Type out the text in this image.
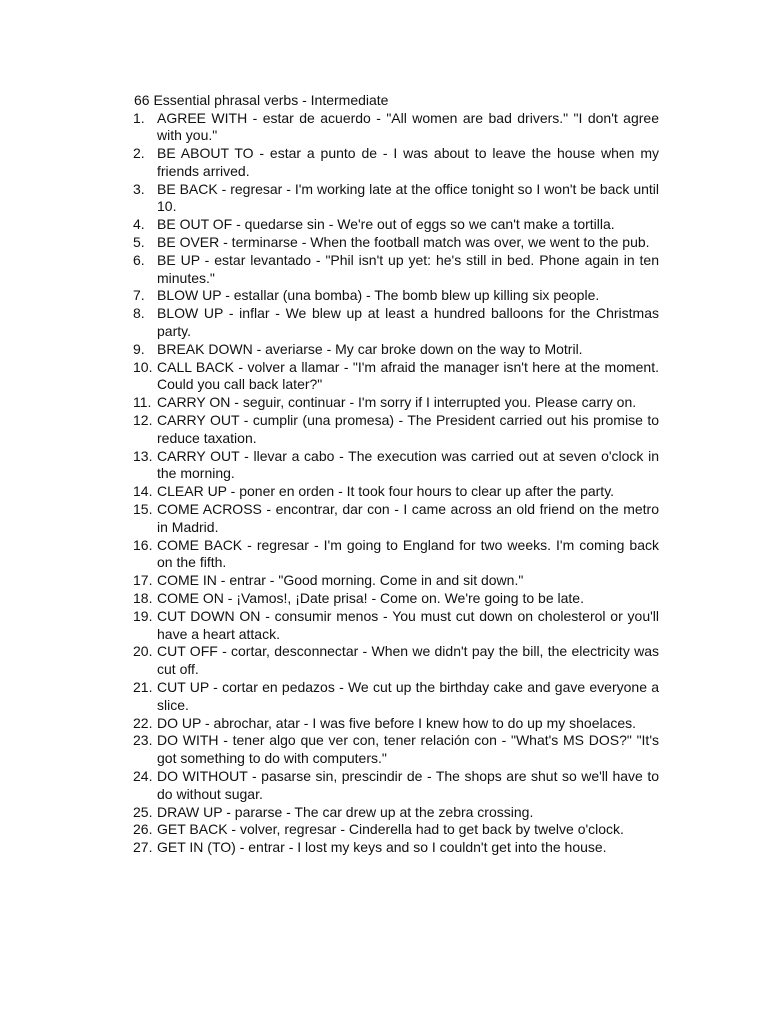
66 Essential phrasal verbs - Intermediate
1. AGREE WITH - estar de acuerdo - "All women are bad drivers." "I don't agree with you."
2. BE ABOUT TO - estar a punto de - I was about to leave the house when my friends arrived.
3. BE BACK - regresar - I'm working late at the office tonight so I won't be back until 10.
4. BE OUT OF - quedarse sin - We're out of eggs so we can't make a tortilla.
5. BE OVER - terminarse - When the football match was over, we went to the pub.
6. BE UP - estar levantado - "Phil isn't up yet: he's still in bed. Phone again in ten minutes."
7. BLOW UP - estallar (una bomba) - The bomb blew up killing six people.
8. BLOW UP - inflar - We blew up at least a hundred balloons for the Christmas party.
9. BREAK DOWN - averiarse - My car broke down on the way to Motril.
10. CALL BACK - volver a llamar - "I'm afraid the manager isn't here at the moment. Could you call back later?"
11. CARRY ON - seguir, continuar - I'm sorry if I interrupted you. Please carry on.
12. CARRY OUT - cumplir (una promesa) - The President carried out his promise to reduce taxation.
13. CARRY OUT - llevar a cabo - The execution was carried out at seven o'clock in the morning.
14. CLEAR UP - poner en orden - It took four hours to clear up after the party.
15. COME ACROSS - encontrar, dar con - I came across an old friend on the metro in Madrid.
16. COME BACK - regresar - I'm going to England for two weeks. I'm coming back on the fifth.
17. COME IN - entrar - "Good morning. Come in and sit down."
18. COME ON - ¡Vamos!, ¡Date prisa! - Come on. We're going to be late.
19. CUT DOWN ON - consumir menos - You must cut down on cholesterol or you'll have a heart attack.
20. CUT OFF - cortar, desconnectar - When we didn't pay the bill, the electricity was cut off.
21. CUT UP - cortar en pedazos - We cut up the birthday cake and gave everyone a slice.
22. DO UP - abrochar, atar - I was five before I knew how to do up my shoelaces.
23. DO WITH - tener algo que ver con, tener relación con - "What's MS DOS?" "It's got something to do with computers."
24. DO WITHOUT - pasarse sin, prescindir de - The shops are shut so we'll have to do without sugar.
25. DRAW UP - pararse - The car drew up at the zebra crossing.
26. GET BACK - volver, regresar - Cinderella had to get back by twelve o'clock.
27. GET IN (TO) - entrar - I lost my keys and so I couldn't get into the house.
